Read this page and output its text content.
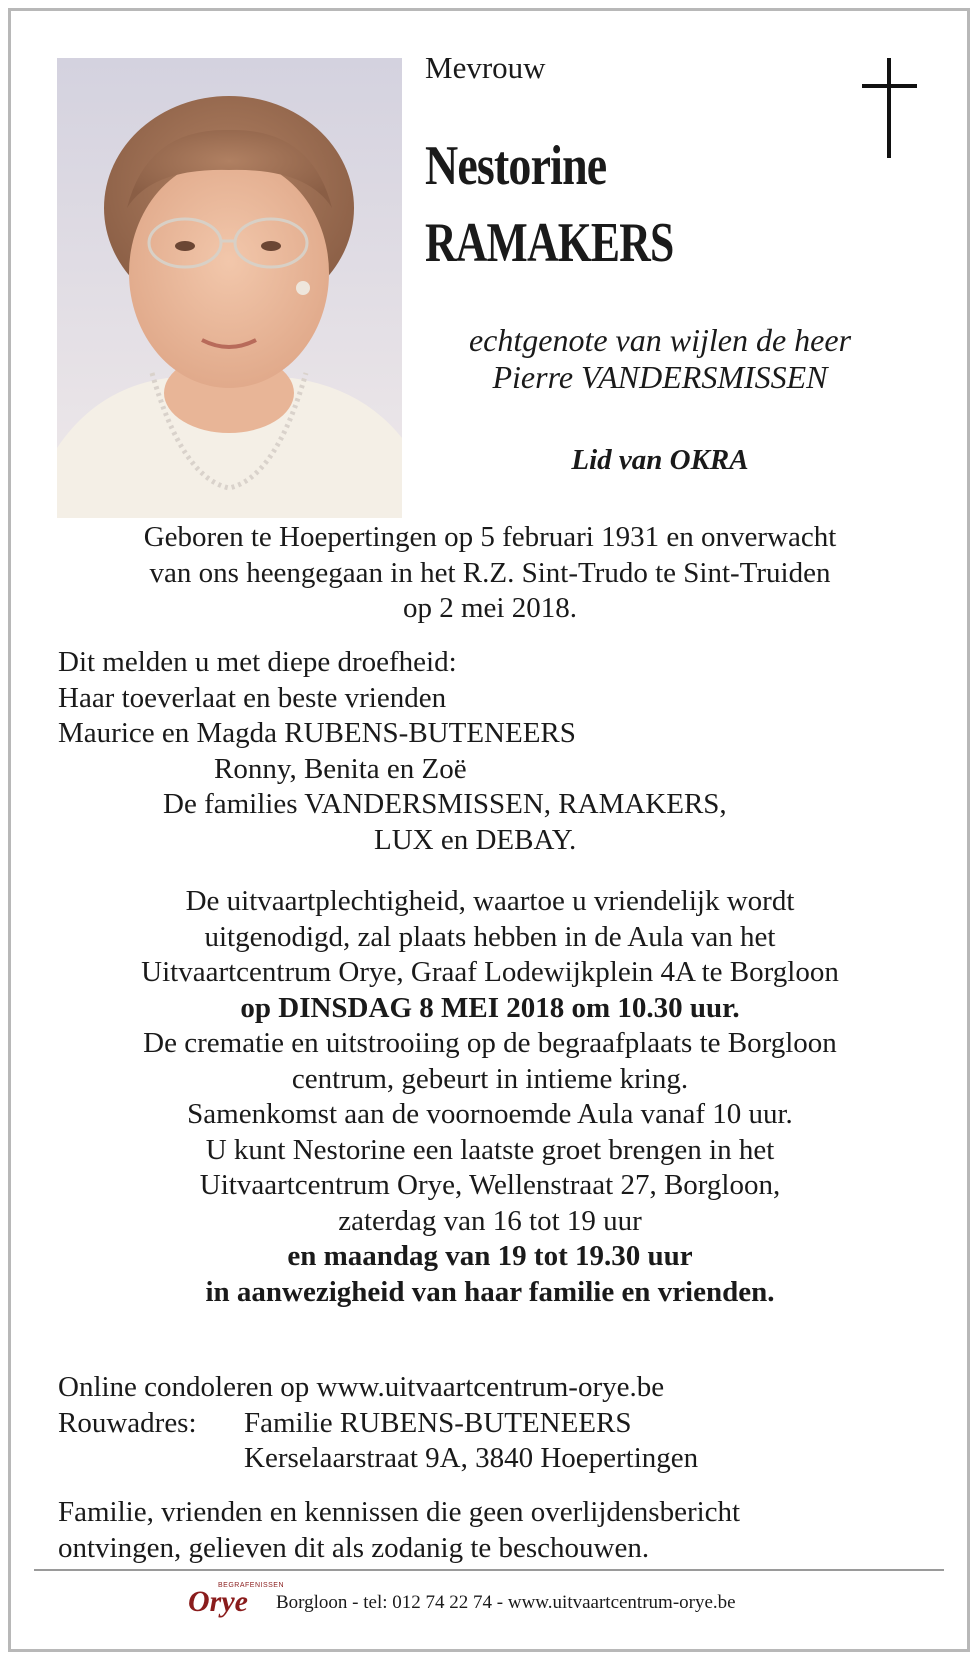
Mevrouw
Nestorine
RAMAKERS
echtgenote van wijlen de heer
Pierre VANDERSMISSEN
Lid van OKRA
Geboren te Hoepertingen op 5 februari 1931 en onverwacht
van ons heengegaan in het R.Z. Sint-Trudo te Sint-Truiden
op 2 mei 2018.
Dit melden u met diepe droefheid:
Haar toeverlaat en beste vrienden
Maurice en Magda RUBENS-BUTENEERS
Ronny, Benita en Zoë
De families VANDERSMISSEN, RAMAKERS,
LUX en DEBAY.
De uitvaartplechtigheid, waartoe u vriendelijk wordt
uitgenodigd, zal plaats hebben in de Aula van het
Uitvaartcentrum Orye, Graaf Lodewijkplein 4A te Borgloon
op DINSDAG 8 MEI 2018 om 10.30 uur.
De crematie en uitstrooiing op de begraafplaats te Borgloon
centrum, gebeurt in intieme kring.
Samenkomst aan de voornoemde Aula vanaf 10 uur.
U kunt Nestorine een laatste groet brengen in het
Uitvaartcentrum Orye, Wellenstraat 27, Borgloon,
zaterdag van 16 tot 19 uur
en maandag van 19 tot 19.30 uur
in aanwezigheid van haar familie en vrienden.
Online condoleren op www.uitvaartcentrum-orye.be
Rouwadres: Familie RUBENS-BUTENEERS
Kerselaarstraat 9A, 3840 Hoepertingen
Familie, vrienden en kennissen die geen overlijdensbericht
ontvingen, gelieven dit als zodanig te beschouwen.
BEGRAFENISSEN
Orye Borgloon - tel: 012 74 22 74 - www.uitvaartcentrum-orye.be
